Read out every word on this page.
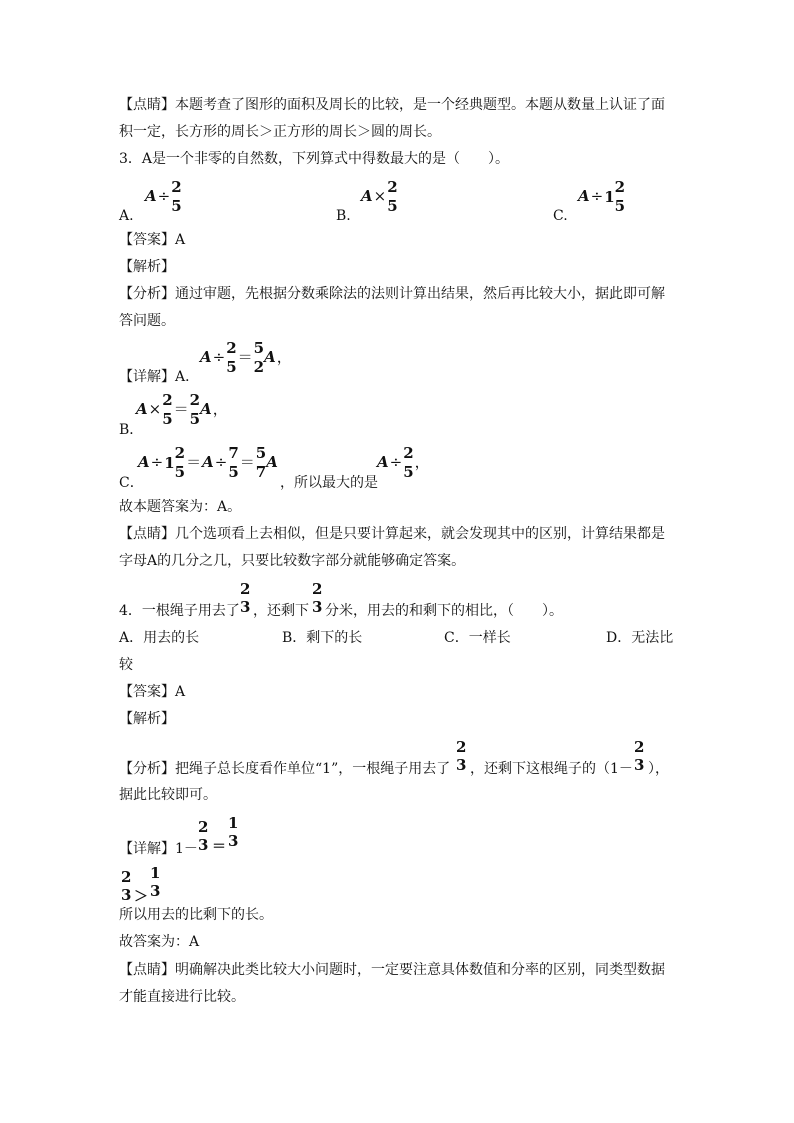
【点睛】本题考查了图形的面积及周长的比较，是一个经典题型。本题从数量上认证了面
积一定，长方形的周长＞正方形的周长＞圆的周长。
3．A是一个非零的自然数，下列算式中得数最大的是（　　）。
A.
A÷ 2
5
B.
A× 2
5
C.
A÷1
2
5
【答案】A
【解析】
【分析】通过审题，先根据分数乘除法的法则计算出结果，然后再比较大小，据此即可解
答问题。
【详解】A．
A÷ 2
5
＝ 5
2
A，
B．
A× 2
5
＝ 2
5
A，
C．
A÷1
2
5
＝A÷ 7
5
＝ 5
7
A
，所以最大的是
A÷ 2
5
，
故本题答案为：A。
【点睛】几个选项看上去相似，但是只要计算起来，就会发现其中的区别，计算结果都是
字母A的几分之几，只要比较数字部分就能够确定答案。
4．一根绳子用去了
2
3 ，还剩下
2
3 分米，用去的和剩下的相比，（　　）。
A．用去的长	B．剩下的长	C．一样长	D．无法比
较
【答案】A
【解析】
【分析】把绳子总长度看作单位“1”，一根绳子用去了
2
3 ，还剩下这根绳子的（1－
2
3 ），
据此比较即可。
【详解】1－
2
3 ＝
1
3
2
3 ＞
1
3
所以用去的比剩下的长。
故答案为：A
【点睛】明确解决此类比较大小问题时，一定要注意具体数值和分率的区别，同类型数据
才能直接进行比较。
